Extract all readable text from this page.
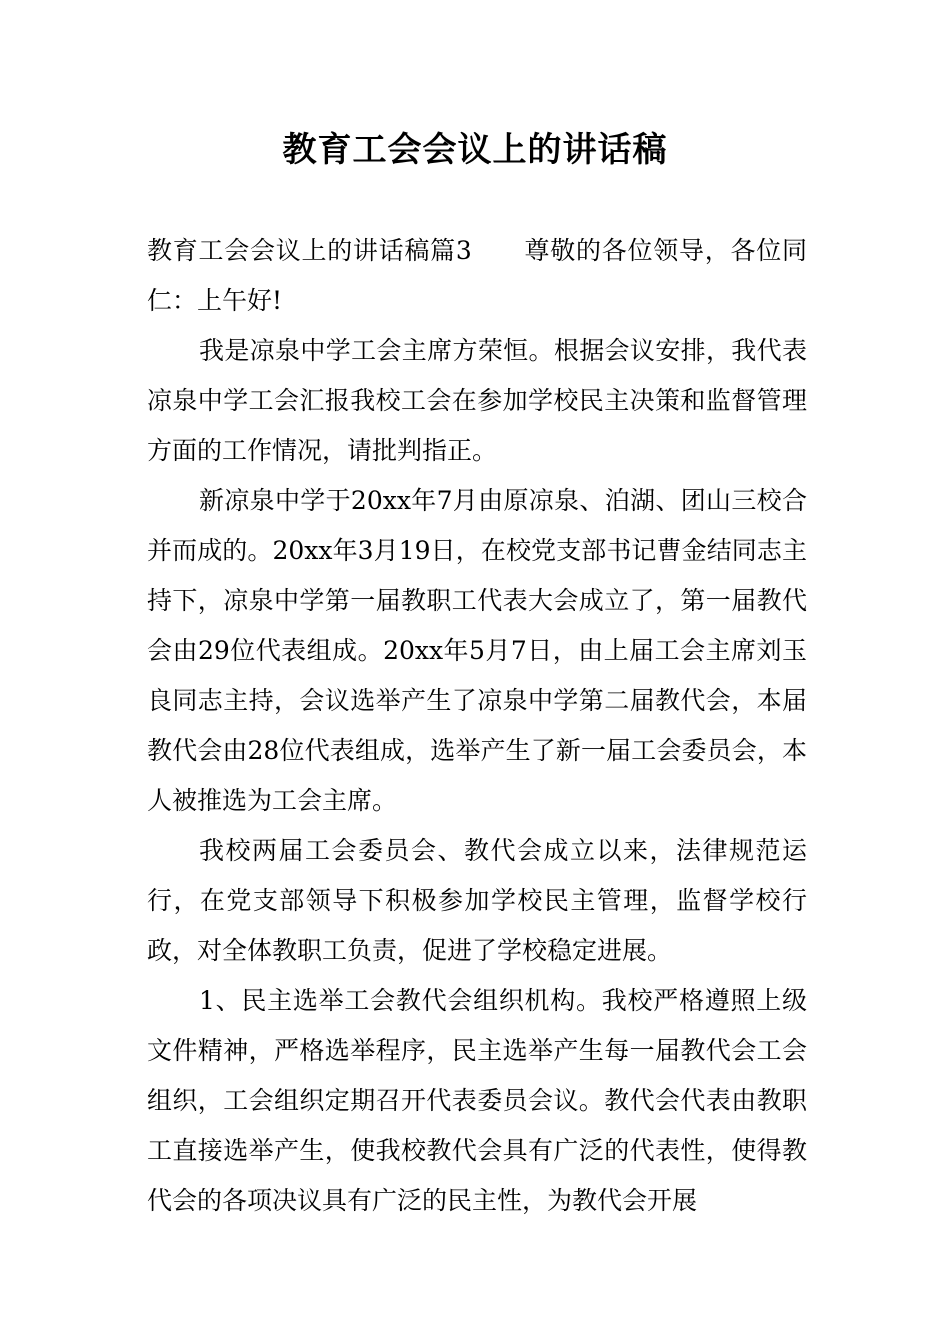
教育工会会议上的讲话稿

教育工会会议上的讲话稿篇3 尊敬的各位领导，各位同仁：上午好!

我是凉泉中学工会主席方荣恒。根据会议安排，我代表凉泉中学工会汇报我校工会在参加学校民主决策和监督管理方面的工作情况，请批判指正。

新凉泉中学于20xx年7月由原凉泉、泊湖、团山三校合并而成的。20xx年3月19日，在校党支部书记曹金结同志主持下，凉泉中学第一届教职工代表大会成立了，第一届教代会由29位代表组成。20xx年5月7日，由上届工会主席刘玉良同志主持，会议选举产生了凉泉中学第二届教代会，本届教代会由28位代表组成，选举产生了新一届工会委员会，本人被推选为工会主席。

我校两届工会委员会、教代会成立以来，法律规范运行，在党支部领导下积极参加学校民主管理，监督学校行政，对全体教职工负责，促进了学校稳定进展。

1、民主选举工会教代会组织机构。我校严格遵照上级文件精神，严格选举程序，民主选举产生每一届教代会工会组织，工会组织定期召开代表委员会议。教代会代表由教职工直接选举产生，使我校教代会具有广泛的代表性，使得教代会的各项决议具有广泛的民主性，为教代会开展
